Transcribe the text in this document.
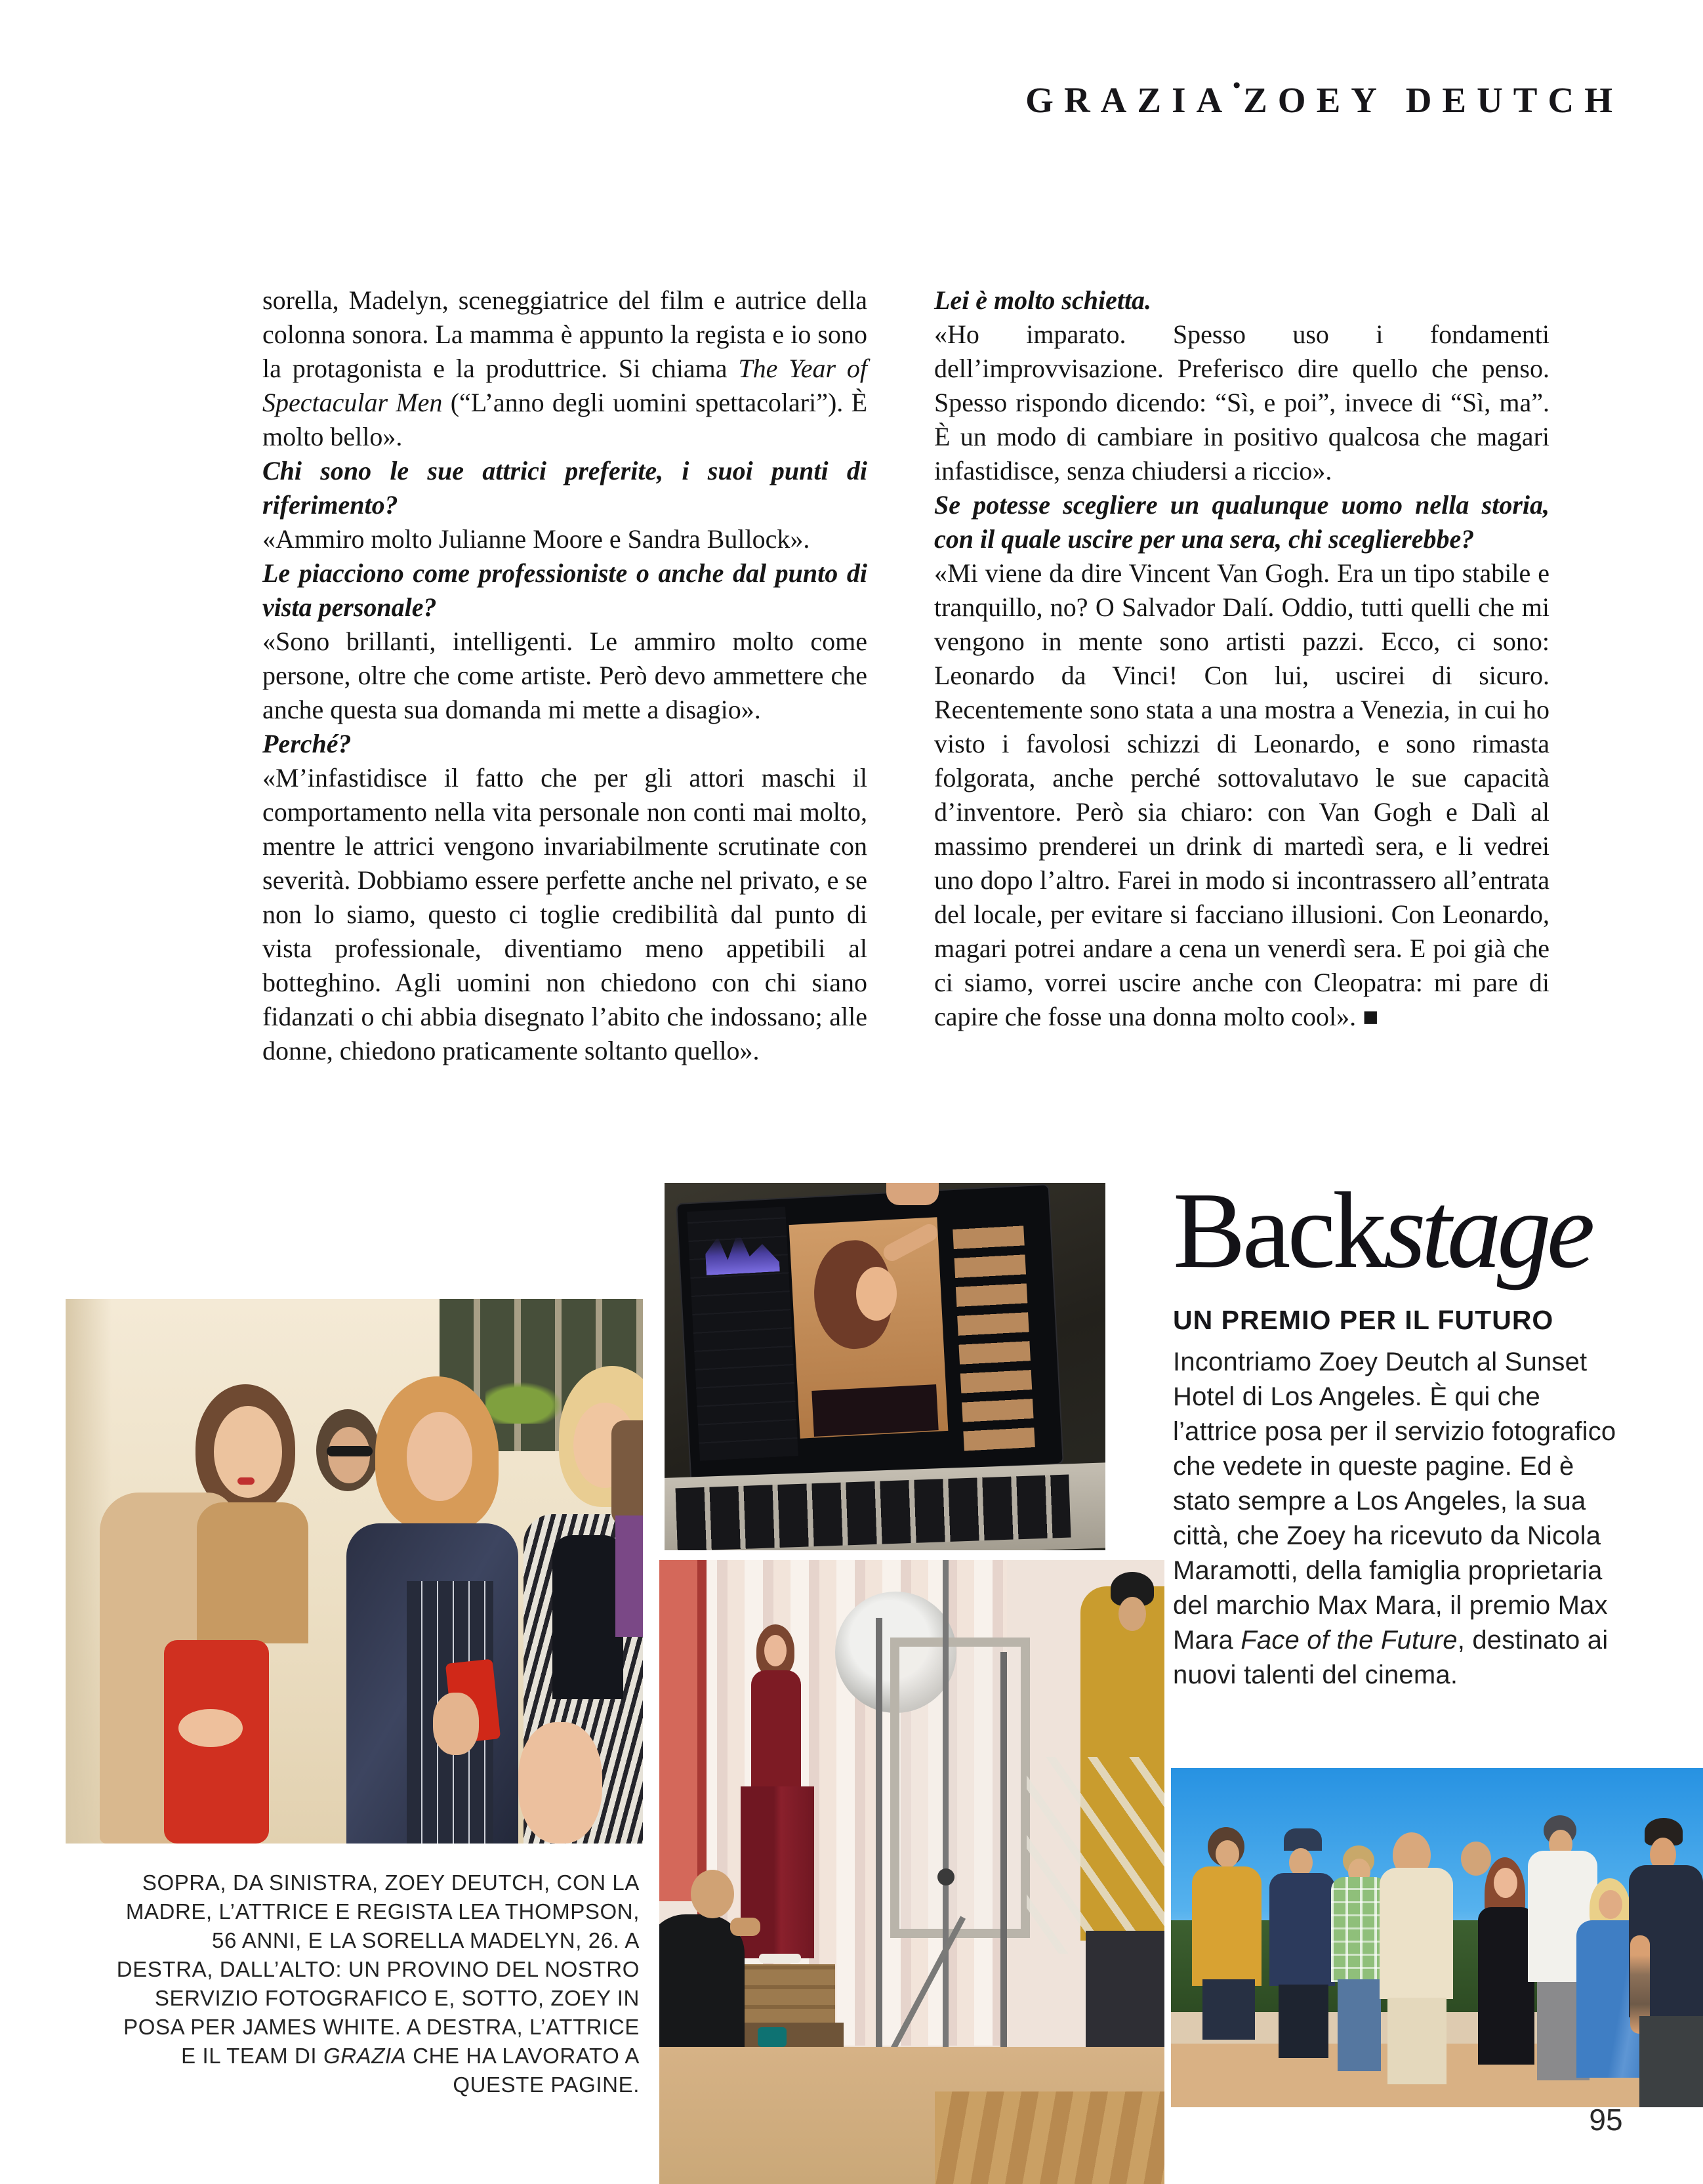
GRAZIA•ZOEY DEUTCH

sorella, Madelyn, sceneggiatrice del film e autrice della colonna sonora. La mamma è appunto la regista e io sono la protagonista e la produttrice. Si chiama The Year of Spectacular Men (“L’anno degli uomini spettacolari”). È molto bello».

Chi sono le sue attrici preferite, i suoi punti di riferimento?

«Ammiro molto Julianne Moore e Sandra Bullock».

Le piacciono come professioniste o anche dal punto di vista personale?

«Sono brillanti, intelligenti. Le ammiro molto come persone, oltre che come artiste. Però devo ammettere che anche questa sua domanda mi mette a disagio».

Perché?

«M’infastidisce il fatto che per gli attori maschi il comportamento nella vita personale non conti mai molto, mentre le attrici vengono invariabilmente scrutinate con severità. Dobbiamo essere perfette anche nel privato, e se non lo siamo, questo ci toglie credibilità dal punto di vista professionale, diventiamo meno appetibili al botteghino. Agli uomini non chiedono con chi siano fidanzati o chi abbia disegnato l’abito che indossano; alle donne, chiedono praticamente soltanto quello».

Lei è molto schietta.

«Ho imparato. Spesso uso i fondamenti dell’improvvisazione. Preferisco dire quello che penso. Spesso rispondo dicendo: “Sì, e poi”, invece di “Sì, ma”. È un modo di cambiare in positivo qualcosa che magari infastidisce, senza chiudersi a riccio».

Se potesse scegliere un qualunque uomo nella storia, con il quale uscire per una sera, chi sceglierebbe?

«Mi viene da dire Vincent Van Gogh. Era un tipo stabile e tranquillo, no? O Salvador Dalí. Oddio, tutti quelli che mi vengono in mente sono artisti pazzi. Ecco, ci sono: Leonardo da Vinci! Con lui, uscirei di sicuro. Recentemente sono stata a una mostra a Venezia, in cui ho visto i favolosi schizzi di Leonardo, e sono rimasta folgorata, anche perché sottovalutavo le sue capacità d’inventore. Però sia chiaro: con Van Gogh e Dalì al massimo prenderei un drink di martedì sera, e li vedrei uno dopo l’altro. Farei in modo si incontrassero all’entrata del locale, per evitare si facciano illusioni. Con Leonardo, magari potrei andare a cena un venerdì sera. E poi già che ci siamo, vorrei uscire anche con Cleopatra: mi pare di capire che fosse una donna molto cool». ■

Backstage
UN PREMIO PER IL FUTURO
Incontriamo Zoey Deutch al Sunset Hotel di Los Angeles. È qui che l’attrice posa per il servizio fotografico che vedete in queste pagine. Ed è stato sempre a Los Angeles, la sua città, che Zoey ha ricevuto da Nicola Maramotti, della famiglia proprietaria del marchio Max Mara, il premio Max Mara Face of the Future, destinato ai nuovi talenti del cinema.
SOPRA, DA SINISTRA, ZOEY DEUTCH, CON LA MADRE, L’ATTRICE E REGISTA LEA THOMPSON, 56 ANNI, E LA SORELLA MADELYN, 26. A DESTRA, DALL’ALTO: UN PROVINO DEL NOSTRO SERVIZIO FOTOGRAFICO E, SOTTO, ZOEY IN POSA PER JAMES WHITE. A DESTRA, L’ATTRICE E IL TEAM DI GRAZIA CHE HA LAVORATO A QUESTE PAGINE.
95
